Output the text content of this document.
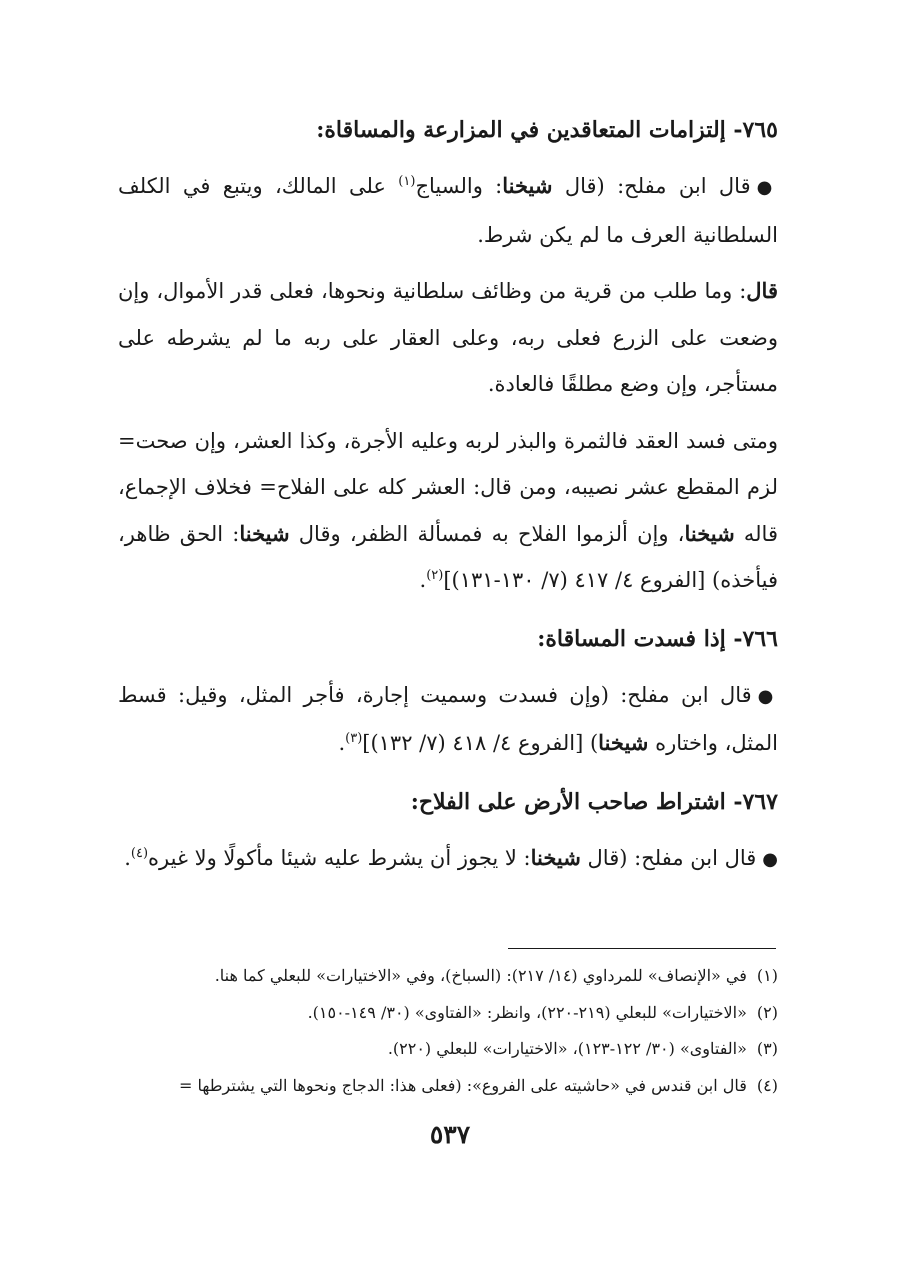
٧٦٥- إلتزامات المتعاقدين في المزارعة والمساقاة:

●قال ابن مفلح: (قال شيخنا: والسياج$^{(١)}$ على المالك، ويتبع في الكلف السلطانية العرف ما لم يكن شرط.

قال: وما طلب من قرية من وظائف سلطانية ونحوها، فعلى قدر الأموال، وإن وضعت على الزرع فعلى ربه، وعلى العقار على ربه ما لم يشرطه على مستأجر، وإن وضع مطلقًا فالعادة.

ومتى فسد العقد فالثمرة والبذر لربه وعليه الأجرة، وكذا العشر، وإن صحت= لزم المقطع عشر نصيبه، ومن قال: العشر كله على الفلاح= فخلاف الإجماع، قاله شيخنا، وإن ألزموا الفلاح به فمسألة الظفر، وقال شيخنا: الحق ظاهر، فيأخذه) [الفروع ٤/ ٤١٧ (٧/ ١٣٠-١٣١)]$^{(٢)}$.

٧٦٦- إذا فسدت المساقاة:

●قال ابن مفلح: (وإن فسدت وسميت إجارة، فأجر المثل، وقيل: قسط المثل، واختاره شيخنا) [الفروع ٤/ ٤١٨ (٧/ ١٣٢)]$^{(٣)}$.

٧٦٧- اشتراط صاحب الأرض على الفلاح:

●قال ابن مفلح: (قال شيخنا: لا يجوز أن يشرط عليه شيئا مأكولًا ولا غيره$^{(٤)}$.

(١)في «الإنصاف» للمرداوي (١٤/ ٢١٧): (السباخ)، وفي «الاختيارات» للبعلي كما هنا.
(٢)«الاختيارات» للبعلي (٢١٩-٢٢٠)، وانظر: «الفتاوى» (٣٠/ ١٤٩-١٥٠).
(٣)«الفتاوى» (٣٠/ ١٢٢-١٢٣)، «الاختيارات» للبعلي (٢٢٠).
(٤)قال ابن قندس في «حاشيته على الفروع»: (فعلى هذا: الدجاج ونحوها التي يشترطها =
٥٣٧
